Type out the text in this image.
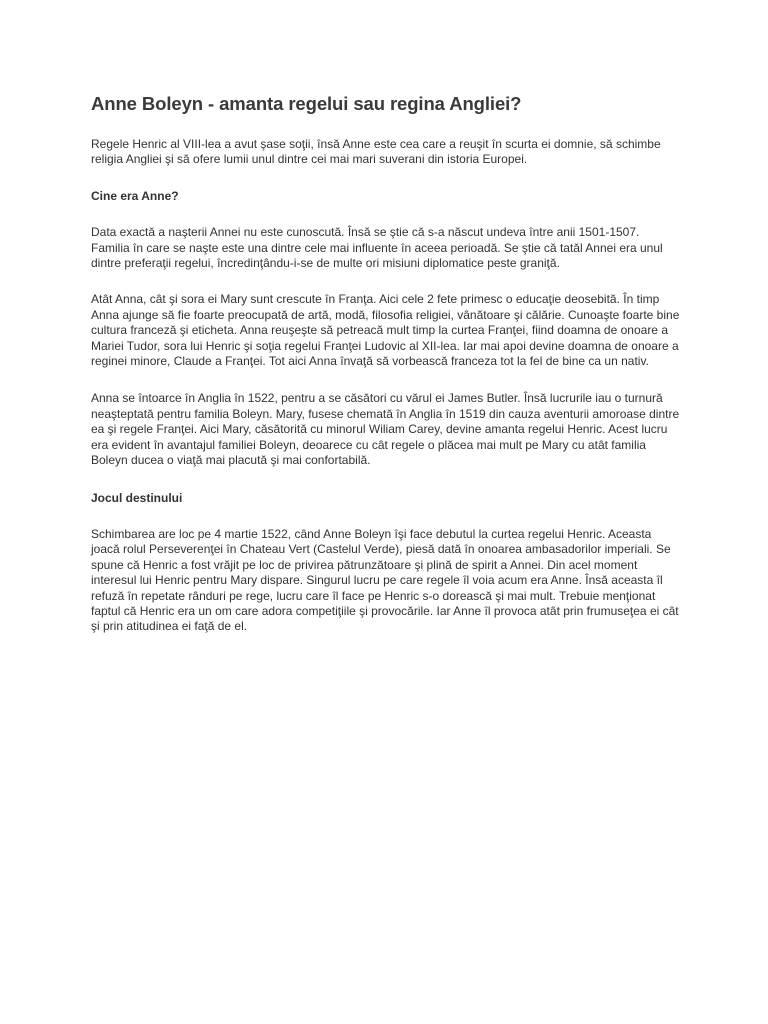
Anne Boleyn - amanta regelui sau regina Angliei?

Regele Henric al VIII-lea a avut şase soţii, însă Anne este cea care a reuşit în scurta ei domnie, să schimbe religia Angliei şi să ofere lumii unul dintre cei mai mari suverani din istoria Europei.

Cine era Anne?

Data exactă a naşterii Annei nu este cunoscută. Însă se ştie că s-a născut undeva între anii 1501-1507. Familia în care se naşte este una dintre cele mai influente în aceea perioadă. Se ştie că tatăl Annei era unul dintre preferaţii regelui, încredinţându-i-se de multe ori misiuni diplomatice peste graniţă.

Atât Anna, cât şi sora ei Mary sunt crescute în Franţa. Aici cele 2 fete primesc o educaţie deosebită. În timp Anna ajunge să fie foarte preocupată de artă, modă, filosofia religiei, vânătoare şi călărie. Cunoaşte foarte bine cultura franceză şi eticheta. Anna reuşeşte să petreacă mult timp la curtea Franţei, fiind doamna de onoare a Mariei Tudor, sora lui Henric şi soţia regelui Franţei Ludovic al XII-lea. Iar mai apoi devine doamna de onoare a reginei minore, Claude a Franţei. Tot aici Anna învaţă să vorbească franceza tot la fel de bine ca un nativ.

Anna se întoarce în Anglia în 1522, pentru a se căsători cu vărul ei James Butler. Însă lucrurile iau o turnură neaşteptată pentru familia Boleyn. Mary, fusese chemată în Anglia în 1519 din cauza aventurii amoroase dintre ea şi regele Franţei. Aici Mary, căsătorită cu minorul Wiliam Carey, devine amanta regelui Henric. Acest lucru era evident în avantajul familiei Boleyn, deoarece cu cât regele o plăcea mai mult pe Mary cu atât familia Boleyn ducea o viaţă mai placută şi mai confortabilă.

Jocul destinului

Schimbarea are loc pe 4 martie 1522, când Anne Boleyn îşi face debutul la curtea regelui Henric. Aceasta joacă rolul Perseverenţei în Chateau Vert (Castelul Verde), piesă dată în onoarea ambasadorilor imperiali. Se spune că Henric a fost vrăjit pe loc de privirea pătrunzătoare şi plină de spirit a Annei. Din acel moment interesul lui Henric pentru Mary dispare. Singurul lucru pe care regele îl voia acum era Anne. Însă aceasta îl refuză în repetate rânduri pe rege, lucru care îl face pe Henric s-o dorească şi mai mult. Trebuie menţionat faptul că Henric era un om care adora competiţiile şi provocările. Iar Anne îl provoca atât prin frumuseţea ei cât şi prin atitudinea ei faţă de el.
